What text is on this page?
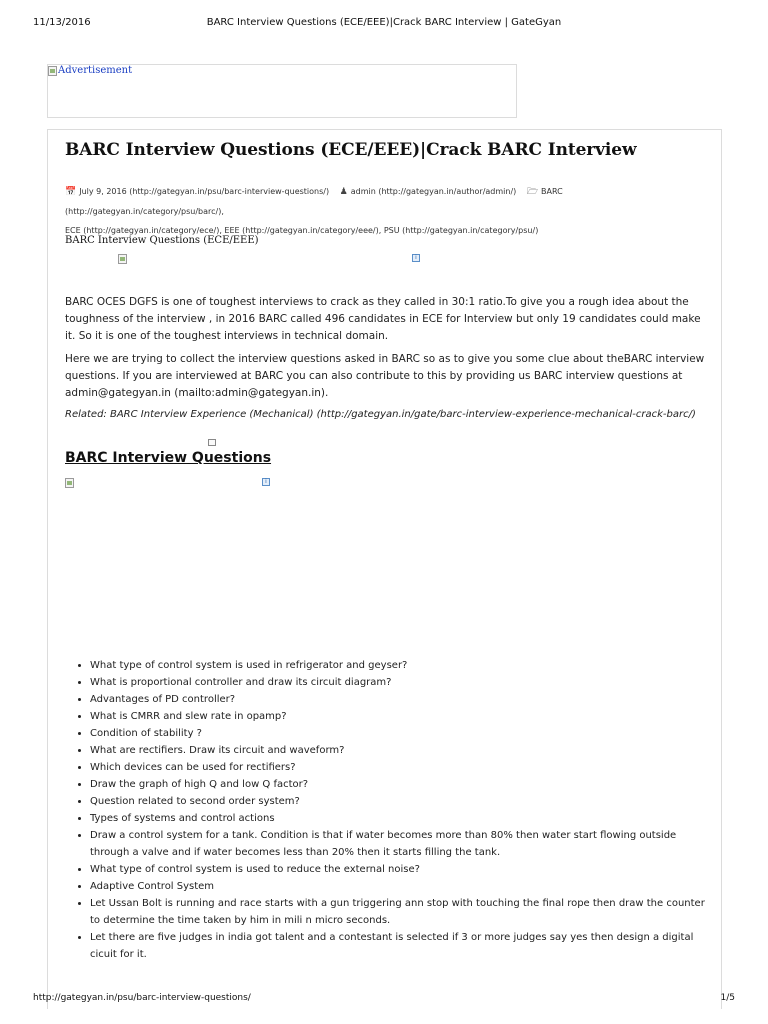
11/13/2016	BARC Interview Questions (ECE/EEE)|Crack BARC Interview | GateGyan
Advertisement
BARC Interview Questions (ECE/EEE)|Crack BARC Interview
📅 July 9, 2016 (http://gategyan.in/psu/barc-interview-questions/) ♟ admin (http://gategyan.in/author/admin/) 🗁 BARC (http://gategyan.in/category/psu/barc/),
ECE (http://gategyan.in/category/ece/), EEE (http://gategyan.in/category/eee/), PSU (http://gategyan.in/category/psu/)
BARC Interview Questions (ECE/EEE)
i

BARC OCES DGFS is one of toughest interviews to crack as they called in 30:1 ratio.To give you a rough idea about the toughness of the interview , in 2016 BARC called 496 candidates in ECE for Interview but only 19 candidates could make it. So it is one of the toughest interviews in technical domain.

Here we are trying to collect the interview questions asked in BARC so as to give you some clue about theBARC interview questions. If you are interviewed at BARC you can also contribute to this by providing us BARC interview questions at admin@gategyan.in (mailto:admin@gategyan.in).

Related: BARC Interview Experience (Mechanical) (http://gategyan.in/gate/barc-interview-experience-mechanical-crack-barc/)

BARC Interview Questions
i
• What type of control system is used in refrigerator and geyser?
• What is proportional controller and draw its circuit diagram?
• Advantages of PD controller?
• What is CMRR and slew rate in opamp?
• Condition of stability ?
• What are rectifiers. Draw its circuit and waveform?
• Which devices can be used for rectifiers?
• Draw the graph of high Q and low Q factor?
• Question related to second order system?
• Types of systems and control actions
• Draw a control system for a tank. Condition is that if water becomes more than 80% then water start flowing outside through a valve and if water becomes less than 20% then it starts filling the tank.
• What type of control system is used to reduce the external noise?
• Adaptive Control System
• Let Ussan Bolt is running and race starts with a gun triggering ann stop with touching the final rope then draw the counter to determine the time taken by him in mili n micro seconds.
• Let there are five judges in india got talent and a contestant is selected if 3 or more judges say yes then design a digital cicuit for it.
http://gategyan.in/psu/barc-interview-questions/	1/5
